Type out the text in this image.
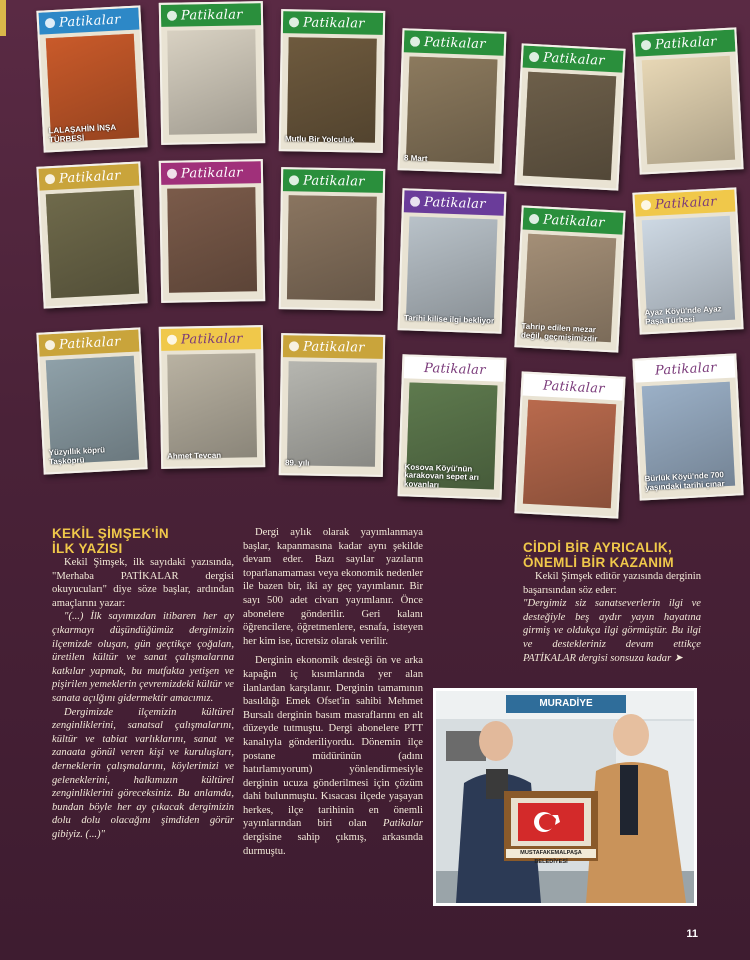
Patikalar
LALAŞAHİN İNŞA TÜRBESİ
Patikalar	Patikalar
Mutlu Bir Yolculuk
Patikalar
8 Mart
Patikalar
Patikalar
Patikalar	Patikalar	Patikalar
Patikalar
Tarihi kilise ilgi bekliyor
Patikalar
Tahrip edilen mezar değil, geçmişimizdir
Patikalar
Ayaz Köyü'nde Ayaz Paşa Türbesi
Patikalar
Yüzyıllık köprü Taşköprü
Patikalar
Ahmet Tevcan
Patikalar
89. yılı
Patikalar
Kosova Köyü'nün karakovan sepet arı kovanları
Patikalar
Patikalar
Bürlük Köyü'nde 700 yaşındaki tarihi çınar
KEKİL ŞİMŞEK'İN
İLK YAZISI

Kekil Şimşek, ilk sayıdaki yazısında, "Merhaba PATİKALAR dergisi okuyucuları" diye söze başlar, ardından amaçlarını yazar:

"(...) İlk sayımızdan itibaren her ay çıkarmayı düşündüğümüz dergimizin ilçemizde oluşan, gün geçtikçe çoğalan, üretilen kültür ve sanat çalışmalarına katkılar yapmak, bu mutfakta yetişen ve pişirilen yemeklerin çevremizdeki kültür ve sanata açılğını gidermektir amacımız.

Dergimizde ilçemizin kültürel zenginliklerini, sanatsal çalışmalarını, kültür ve tabiat varlıklarını, sanat ve zanaata gönül veren kişi ve kuruluşları, derneklerin çalışmalarını, köylerimizi ve geleneklerini, halkımızın kültürel zenginliklerini göreceksiniz. Bu anlamda, bundan böyle her ay çıkacak dergimizin dolu dolu olacağını şimdiden görür gibiyiz. (...)"

Dergi aylık olarak yayımlanmaya başlar, kapanmasına kadar aynı şekilde devam eder. Bazı sayılar yazıların toparlanamaması veya ekonomik nedenler ile bazen bir, iki ay geç yayımlanır. Bir sayı 500 adet civarı yayımlanır. Önce abonelere gönderilir. Geri kalanı öğrencilere, öğretmenlere, esnafa, isteyen her kim ise, ücretsiz olarak verilir.

Derginin ekonomik desteği ön ve arka kapağın iç kısımlarında yer alan ilanlardan karşılanır. Derginin tamamının basıldığı Emek Ofset'in sahibi Mehmet Bursalı derginin basım masraflarını en alt düzeyde tutmuştu. Dergi abonelere PTT kanalıyla gönderiliyordu. Dönemin ilçe postane müdürünün (adını hatırlamıyorum) yönlendirmesiyle derginin ucuza gönderilmesi için çözüm dahi bulunmuştu. Kısacası ilçede yaşayan herkes, ilçe tarihinin en önemli yayınlarından biri olan Patikalar dergisine sahip çıkmış, arkasında durmuştu.

CİDDİ BİR AYRICALIK,
ÖNEMLİ BİR KAZANIM

Kekil Şimşek editör yazısında derginin başarısından söz eder:

"Dergimiz siz sanatseverlerin ilgi ve desteğiyle beş aydır yayın hayatına girmiş ve oldukça ilgi görmüştür. Bu ilgi ve destekleriniz devam ettikçe PATİKALAR dergisi sonsuza kadar ➤

MURADİYE
MUSTAFAKEMALPAŞA BELEDİYESİ
11
